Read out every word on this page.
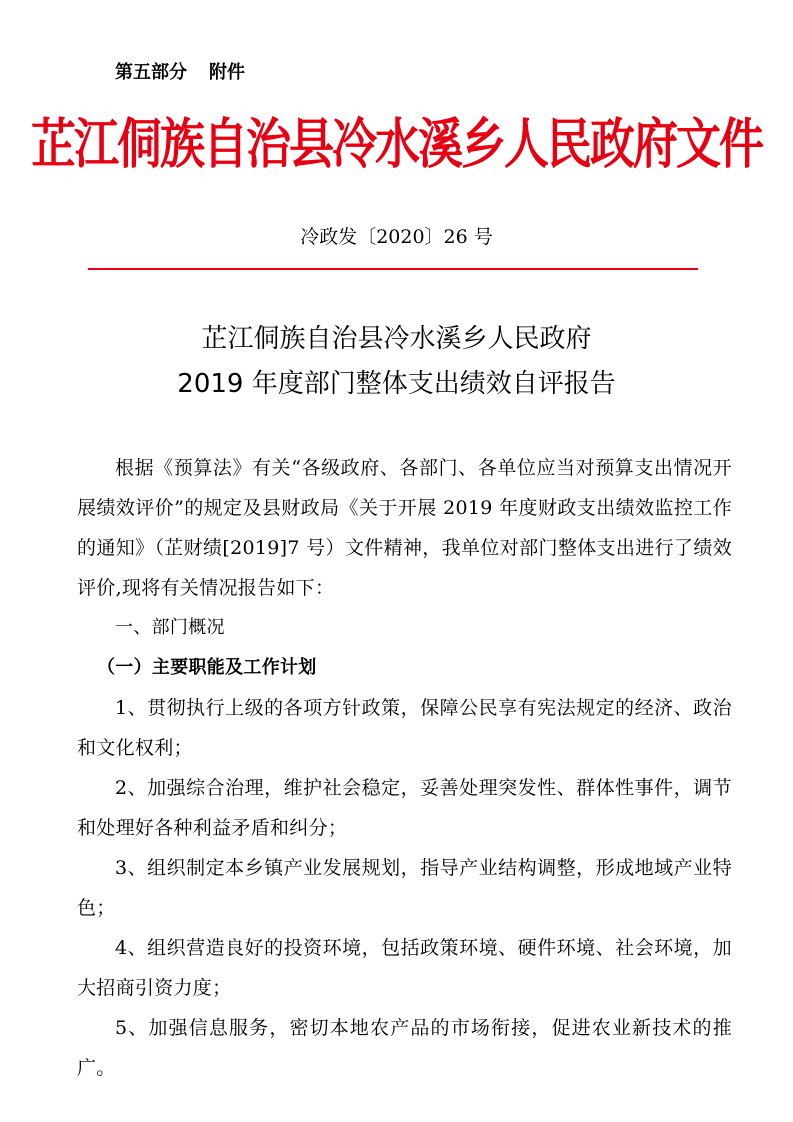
第五部分 附件
芷江侗族自治县冷水溪乡人民政府文件
冷政发〔2020〕26 号
芷江侗族自治县冷水溪乡人民政府
2019 年度部门整体支出绩效自评报告

根据《预算法》有关“各级政府、各部门、各单位应当对预算支出情况开展绩效评价”的规定及县财政局《关于开展 2019 年度财政支出绩效监控工作的通知》（芷财绩[2019]7 号）文件精神，我单位对部门整体支出进行了绩效评价,现将有关情况报告如下：

一、部门概况

（一）主要职能及工作计划

1、贯彻执行上级的各项方针政策，保障公民享有宪法规定的经济、政治和文化权利；

2、加强综合治理，维护社会稳定，妥善处理突发性、群体性事件，调节和处理好各种利益矛盾和纠分；

3、组织制定本乡镇产业发展规划，指导产业结构调整，形成地域产业特色；

4、组织营造良好的投资环境，包括政策环境、硬件环境、社会环境，加大招商引资力度；

5、加强信息服务，密切本地农产品的市场衔接，促进农业新技术的推广。
